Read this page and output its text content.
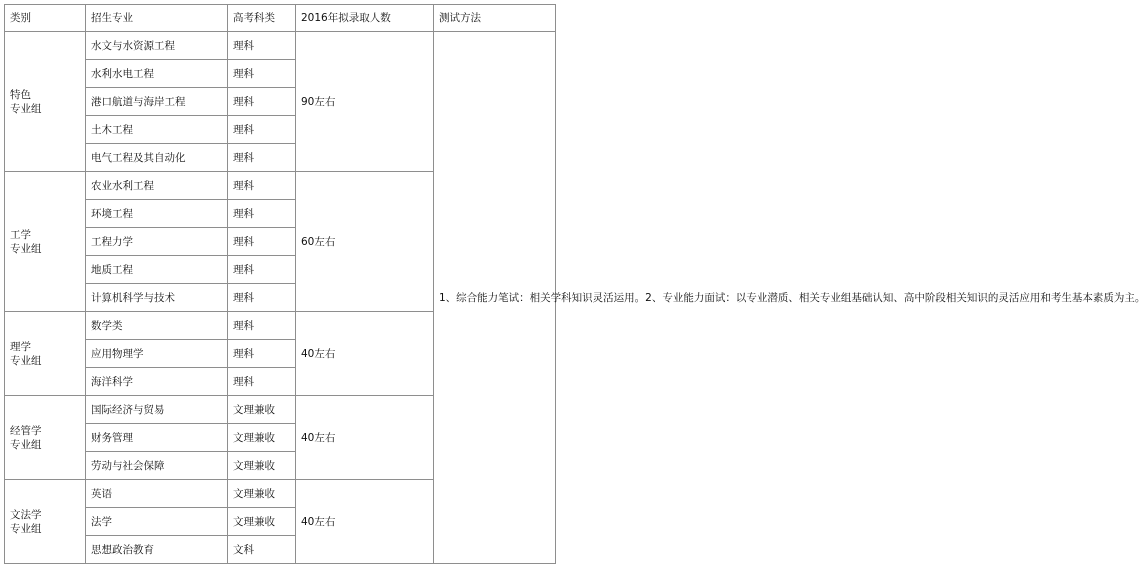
类别	招生专业	高考科类	2016年拟录取人数	测试方法

特色
专业组	水文与水资源工程	理科	90左右	1、综合能力笔试：相关学科知识灵活运用。2、专业能力面试：以专业潜质、相关专业组基础认知、高中阶段相关知识的灵活应用和考生基本素质为主。
	水利水电工程	理科		
	港口航道与海岸工程	理科		
	土木工程	理科		
	电气工程及其自动化	理科		

工学
专业组	农业水利工程	理科	60左右	
	环境工程	理科		
	工程力学	理科		
	地质工程	理科		
	计算机科学与技术	理科		

理学
专业组	数学类	理科	40左右	
	应用物理学	理科		
	海洋科学	理科		

经管学
专业组	国际经济与贸易	文理兼收	40左右	
	财务管理	文理兼收		
	劳动与社会保障	文理兼收		

文法学
专业组	英语	文理兼收	40左右	
	法学	文理兼收		
	思想政治教育	文科		
